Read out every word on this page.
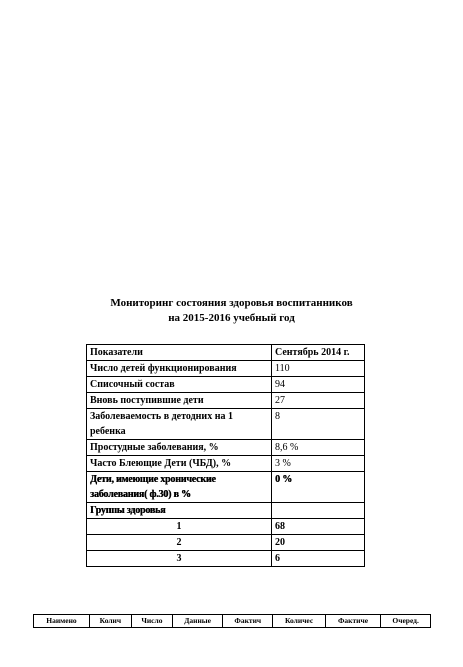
Мониторинг состояния здоровья воспитанников
на 2015-2016 учебный год
Показатели	Сентябрь 2014 г.
Число детей функционирования	110
Списочный состав	94
Вновь поступившие дети	27
Заболеваемость в детодних на 1 ребенка	8
Простудные заболевания, %	8,6 %
Часто Блеющие Дети (ЧБД), %	3 %
Дети, имеющие хронические заболевания( ф.30) в %	0 %
Группы здоровья	
1	68
2	20
3	6
Наимено	Колич	Число	Данные	Фактич	Количес	Фактиче	Очеред.
